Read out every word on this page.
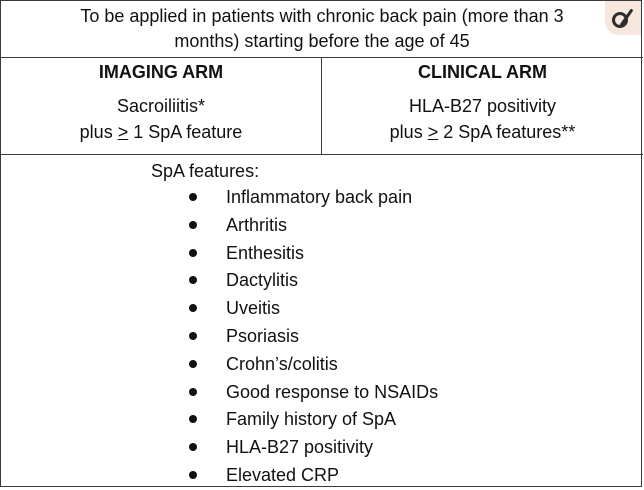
To be applied in patients with chronic back pain (more than 3
months) starting before the age of 45
IMAGING ARM
Sacroiliitis*
plus > 1 SpA feature
CLINICAL ARM
HLA-B27 positivity
plus > 2 SpA features**
SpA features:
Inflammatory back pain
Arthritis
Enthesitis
Dactylitis
Uveitis
Psoriasis
Crohn’s/colitis
Good response to NSAIDs
Family history of SpA
HLA-B27 positivity
Elevated CRP
